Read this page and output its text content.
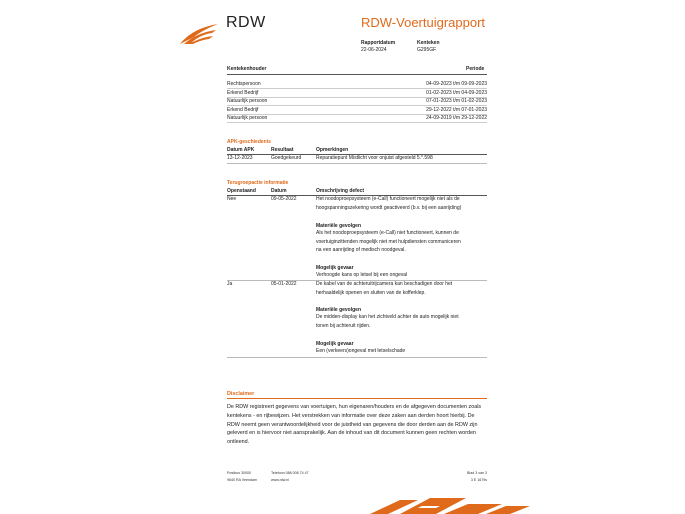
RDW	RDW-Voertuigrapport
Rapportdatum
22-06-2024
Kenteken
G295GF
Kentekenhouder	Periode
Rechtspersoon	04-09-2023 t/m 09-09-2023
Erkend Bedrijf	01-02-2023 t/m 04-09-2023
Natuurlijk persoon	07-01-2023 t/m 01-02-2023
Erkend Bedrijf	29-12-2022 t/m 07-01-2023
Natuurlijk persoon	24-09-2019 t/m 29-12-2022
APK-geschiedenis
Datum APK	Resultaat	Opmerkingen
13-12-2023	Goedgekeurd	Reparatiepunt Mistlicht voor onjuist afgesteld 5.*.598
Terugroepactie informatie
Openstaand	Datum	Omschrijving defect
Nee	09-05-2022	Het noodoproepsysteem (e-Call) functioneert mogelijk niet als de
hoogspanningszekering wordt geactiveerd (b.v. bij een aanrijding)
Materiële gevolgen
Als het noodoproepsysteem (e-Call) niet functioneert, kunnen de
voertuiginzittenden mogelijk niet met hulpdiensten communiceren
na een aanrijding of medisch noodgeval.
Mogelijk gevaar
Verhoogde kans op letsel bij een ongeval
Ja	05-01-2022	De kabel van de achteruitrijcamera kan beschadigen door het
herhaaldelijk openen en sluiten van de kofferklep.
Materiële gevolgen
De midden-display kan het zichtveld achter de auto mogelijk niet
tonen bij achteruit rijden.
Mogelijk gevaar
Een (verkeers)ongeval met letselschade
Disclaimer
De RDW registreert gegevens van voertuigen, hun eigenaren/houders en de afgegeven documenten zoals
kentekens - en rijbewijzen. Het verstrekken van informatie over deze zaken aan derden hoort hierbij. De
RDW neemt geen verantwoordelijkheid voor de juistheid van gegevens die door derden aan de RDW zijn
geleverd en is hiervoor niet aansprakelijk. Aan de inhoud van dit document kunnen geen rechten worden
ontleend.
Postbus 30000
9640 RA Veendam
Telefoon 088 008 74 47
www.rdw.nl
Blad 3 van 3
3 E 1679s
